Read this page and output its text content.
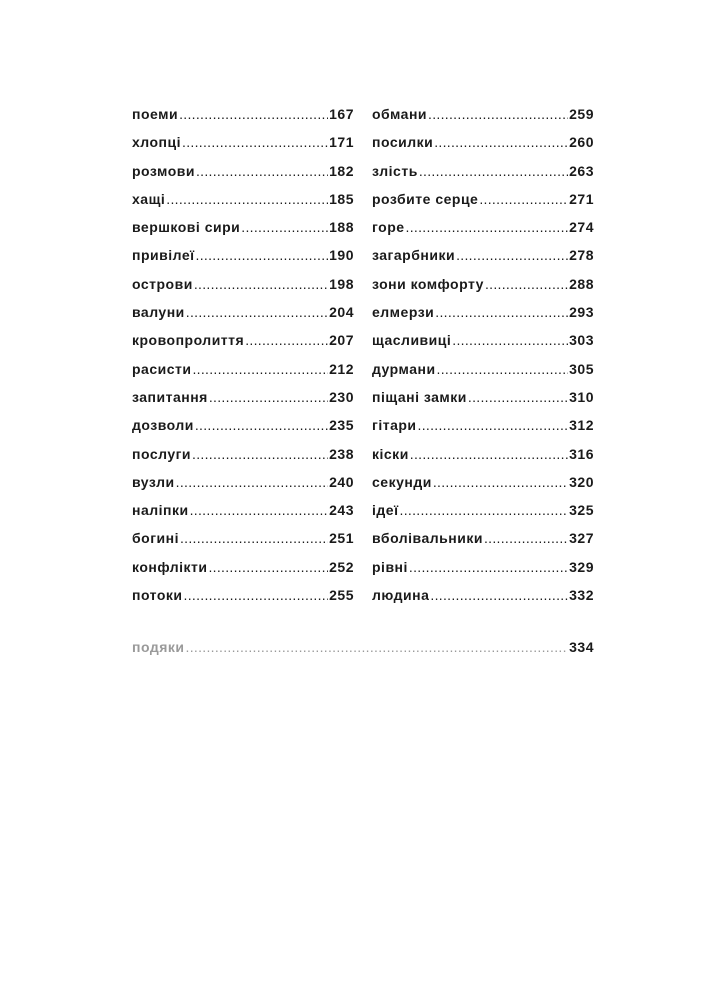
поеми .....	167
хлопці .....	171
розмови .....	182
хащі .....	185
вершкові сири .....	188
привілеї .....	190
острови .....	198
валуни .....	204
кровопролиття .....	207
расисти .....	212
запитання .....	230
дозволи .....	235
послуги .....	238
вузли .....	240
наліпки .....	243
богині .....	251
конфлікти .....	252
потоки .....	255
обмани .....	259
посилки .....	260
злість .....	263
розбите серце .....	271
горе .....	274
загарбники .....	278
зони комфорту .....	288
елмерзи .....	293
щасливиці .....	303
дурмани .....	305
піщані замки .....	310
гітари .....	312
кіски .....	316
секунди .....	320
ідеї .....	325
вболівальники .....	327
рівні .....	329
людина .....	332
подяки .....	334
